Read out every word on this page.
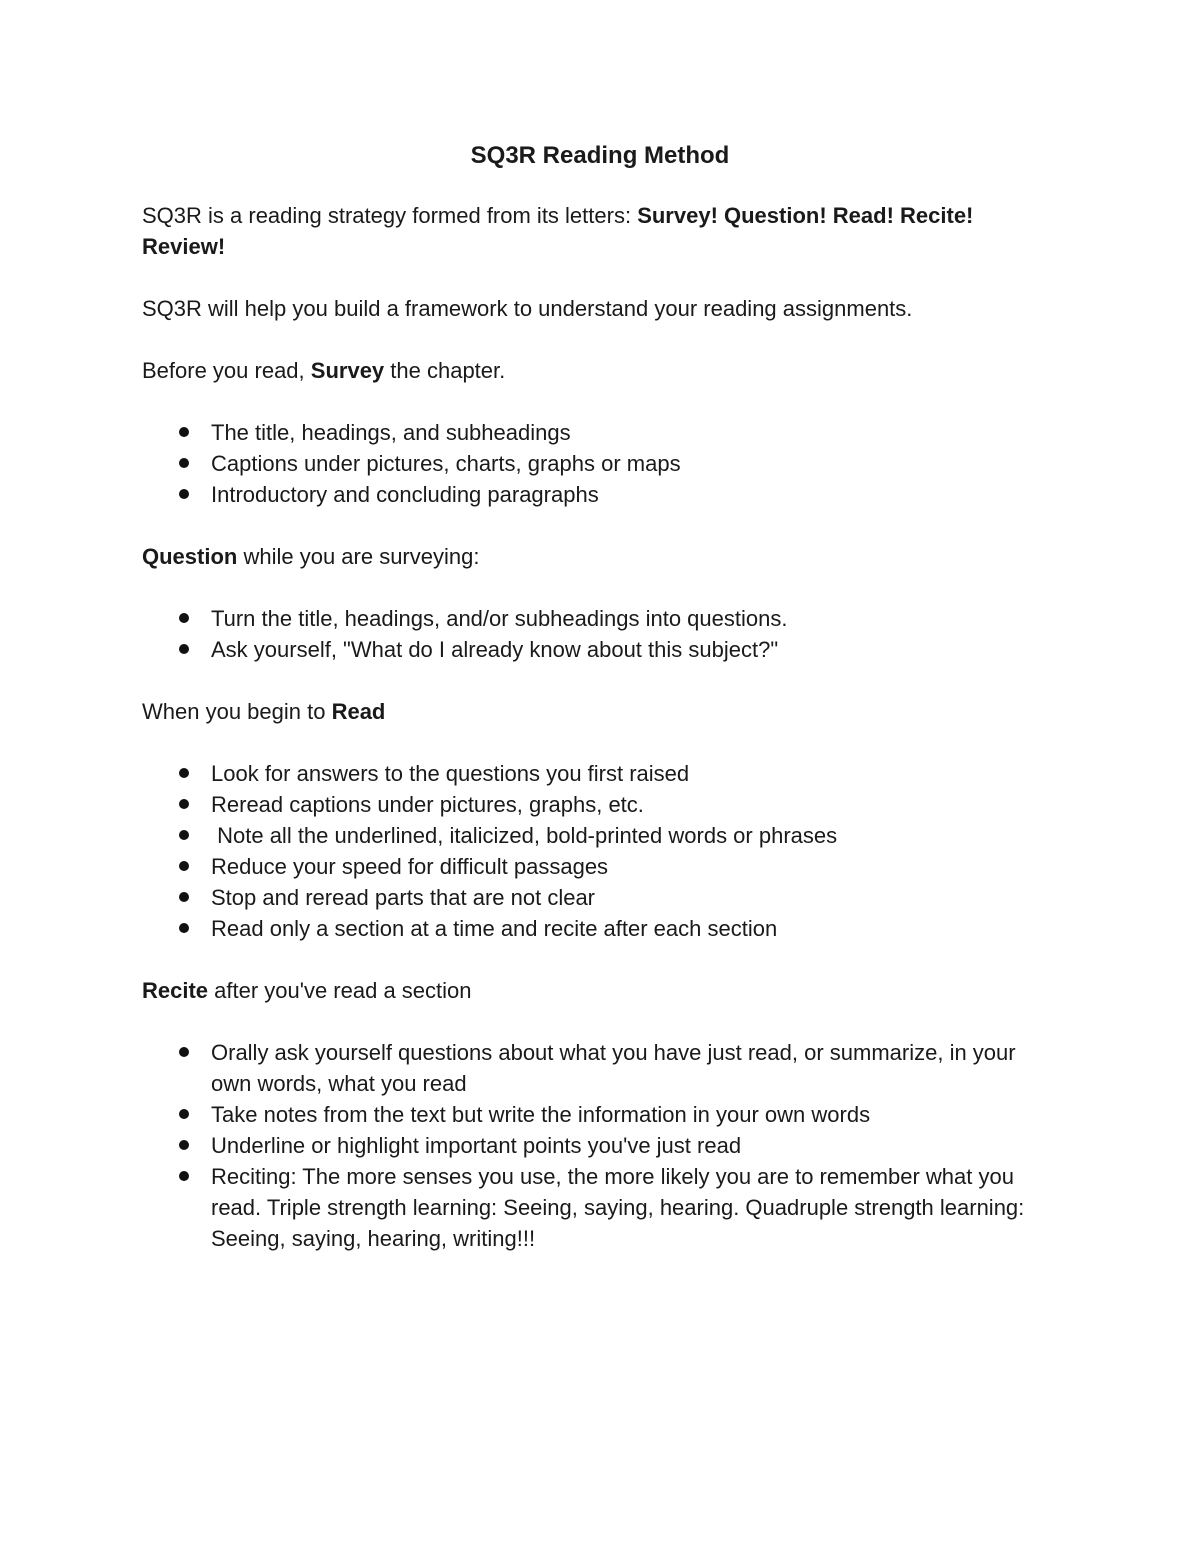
SQ3R Reading Method

SQ3R is a reading strategy formed from its letters: Survey! Question! Read! Recite! Review!

SQ3R will help you build a framework to understand your reading assignments.

Before you read, Survey the chapter.

The title, headings, and subheadings
Captions under pictures, charts, graphs or maps
Introductory and concluding paragraphs

Question while you are surveying:

Turn the title, headings, and/or subheadings into questions.
Ask yourself, "What do I already know about this subject?"

When you begin to Read

Look for answers to the questions you first raised
Reread captions under pictures, graphs, etc.
Note all the underlined, italicized, bold-printed words or phrases
Reduce your speed for difficult passages
Stop and reread parts that are not clear
Read only a section at a time and recite after each section

Recite after you've read a section

Orally ask yourself questions about what you have just read, or summarize, in your own words, what you read
Take notes from the text but write the information in your own words
Underline or highlight important points you've just read
Reciting: The more senses you use, the more likely you are to remember what you read. Triple strength learning: Seeing, saying, hearing. Quadruple strength learning: Seeing, saying, hearing, writing!!!
